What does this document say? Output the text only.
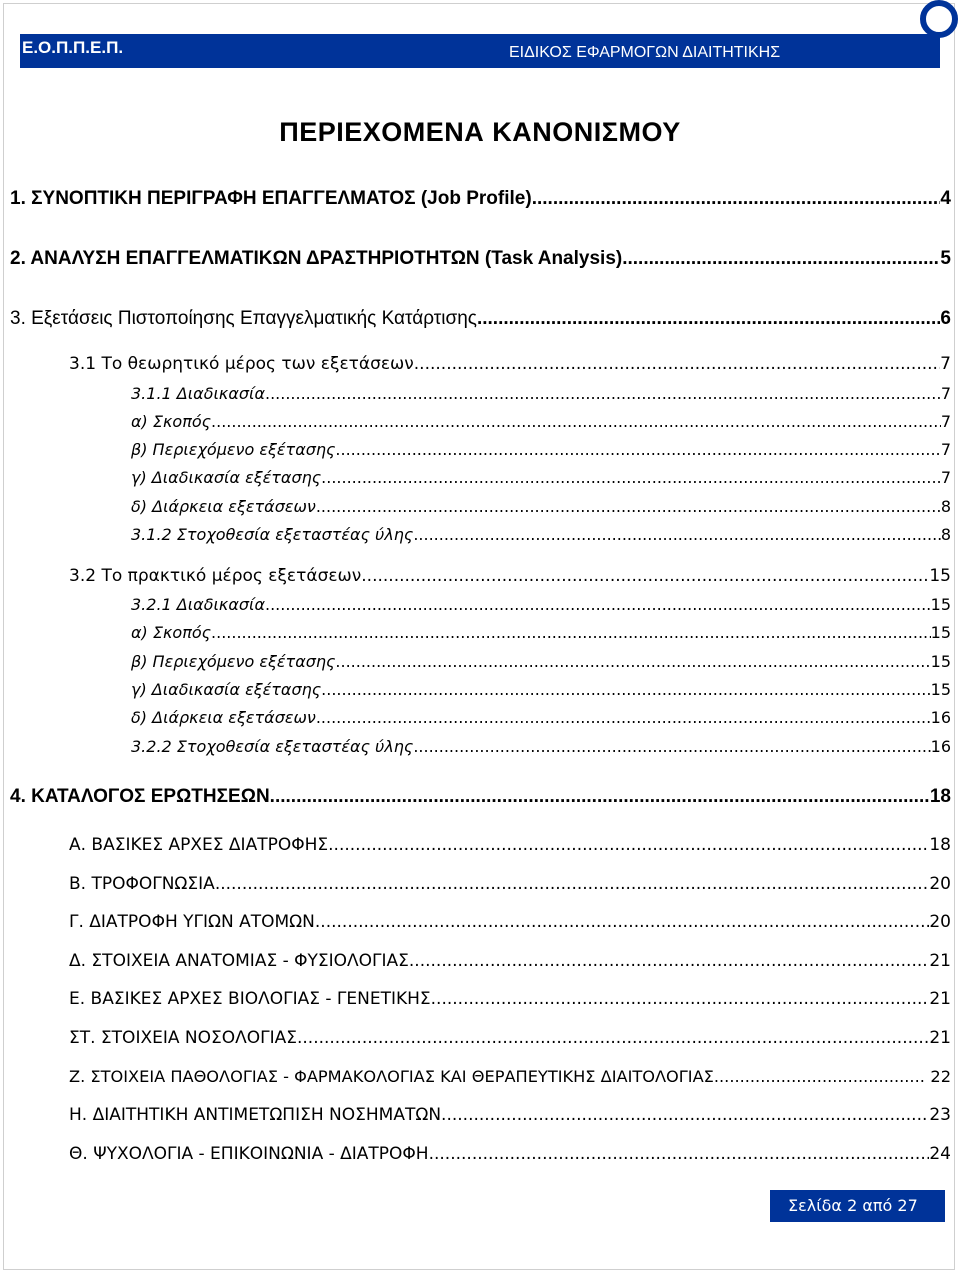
Ε.Ο.Π.Π.Ε.Π.	ΕΙΔΙΚΟΣ ΕΦΑΡΜΟΓΩΝ ΔΙΑΙΤΗΤΙΚΗΣ
ΠΕΡΙΕΧΟΜΕΝΑ ΚΑΝΟΝΙΣΜΟΥ
1. ΣΥΝΟΠΤΙΚΗ ΠΕΡΙΓΡΑΦΗ ΕΠΑΓΓΕΛΜΑΤΟΣ (Job Profile) .....	4
2. ΑΝΑΛΥΣΗ ΕΠΑΓΓΕΛΜΑΤΙΚΩΝ ΔΡΑΣΤΗΡΙΟΤΗΤΩΝ (Task Analysis) .....	5
3. Εξετάσεις Πιστοποίησης Επαγγελματικής Κατάρτισης .....	6
3.1 Το θεωρητικό μέρος των εξετάσεων .....	7
3.1.1 Διαδικασία .....	7
α) Σκοπός .....	7
β) Περιεχόμενο εξέτασης .....	7
γ) Διαδικασία εξέτασης .....	7
δ) Διάρκεια εξετάσεων .....	8
3.1.2 Στοχοθεσία εξεταστέας ύλης .....	8
3.2 Το πρακτικό μέρος εξετάσεων .....	15
3.2.1 Διαδικασία .....	15
α) Σκοπός .....	15
β) Περιεχόμενο εξέτασης .....	15
γ) Διαδικασία εξέτασης .....	15
δ) Διάρκεια εξετάσεων .....	16
3.2.2 Στοχοθεσία εξεταστέας ύλης .....	16
4. ΚΑΤΑΛΟΓΟΣ ΕΡΩΤΗΣΕΩΝ .....	18
Α. ΒΑΣΙΚΕΣ ΑΡΧΕΣ ΔΙΑΤΡΟΦΗΣ .....	18
Β. ΤΡΟΦΟΓΝΩΣΙΑ .....	20
Γ. ΔΙΑΤΡΟΦΗ ΥΓΙΩΝ ΑΤΟΜΩΝ .....	20
Δ. ΣΤΟΙΧΕΙΑ ΑΝΑΤΟΜΙΑΣ - ΦΥΣΙΟΛΟΓΙΑΣ .....	21
Ε. ΒΑΣΙΚΕΣ ΑΡΧΕΣ ΒΙΟΛΟΓΙΑΣ - ΓΕΝΕΤΙΚΗΣ .....	21
ΣΤ. ΣΤΟΙΧΕΙΑ ΝΟΣΟΛΟΓΙΑΣ .....	21
Ζ. ΣΤΟΙΧΕΙΑ ΠΑΘΟΛΟΓΙΑΣ - ΦΑΡΜΑΚΟΛΟΓΙΑΣ ΚΑΙ ΘΕΡΑΠΕΥΤΙΚΗΣ ΔΙΑΙΤΟΛΟΓΙΑΣ .....	22
Η. ΔΙΑΙΤΗΤΙΚΗ ΑΝΤΙΜΕΤΩΠΙΣΗ ΝΟΣΗΜΑΤΩΝ .....	23
Θ. ΨΥΧΟΛΟΓΙΑ - ΕΠΙΚΟΙΝΩΝΙΑ - ΔΙΑΤΡΟΦΗ .....	24
Σελίδα 2 από 27
